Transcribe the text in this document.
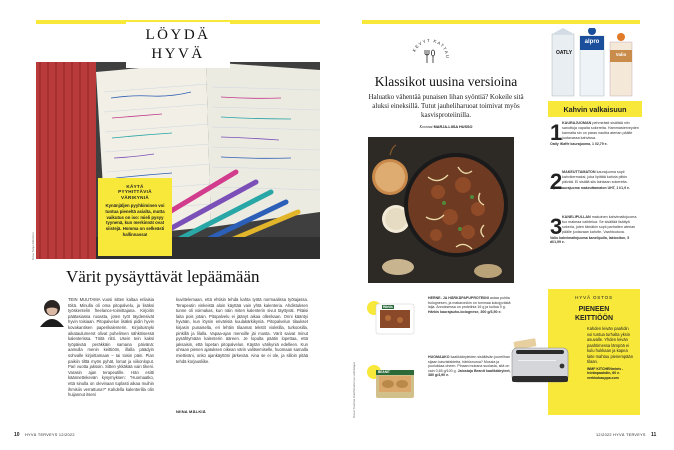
LÖYDÄ HYVÄ
KÄYTÄ PYYHITTÄVIÄ VÄRIKYNIÄ
Kynänjäljen pyyhkiminen voi tuntua pieneltä asialta, mutta vaikutus on iso: mieli pysyy tyynenä, kun merkinnät ovat siistejä. Homma on selkeästi hallinnassa!
Kuva Tanja Kähönen
Värit pysäyttävät lepäämään
TEIN MUUTAMA vuosi sitten kaltaa erilaisia töitä. Minulla oli oma pitopalvelu, ja lisäksi työskentelin freelance-toimittajana. Kirjoitin päätasiassa ruoasta, joten työt täydensivät hyvin toisiaan. Pitopalvelun lisäksi pidin hyvin kovakantisen paperikalenterin. Kirjoitusnyki aikataulumerot olivat puhelimen sähköisessä kalenterissa. Töitä riitti. Usein tein kaksi työpäivää peräkkäin samana päivänä: aamulla menin keittiöön, illalla päädyin sohvalle kirjoittamaan – tai toisin päin. Pian paikiin tilttä myös pyhät, lomat ja viikonloput. Pari vuotta jaksoin. Sitten ykkäkää vain tikeni. Varasin ajan terapeutille. Hän esitti käännettekevän kysymyksen: "Huomaatko, että sinulla on olevinaan tuplasti aikaa muihin ihmisiin verrattuna?" Kahdella kalenterilla olin huijannut itseni
kuvittelemaan, että ehtisin tehdä kahta työtä normaalissa työtajassa. Terapeutin vinkeistä aloin käyttää vain yhtä kalenteria. Ahdistuksen tunne oli voimakas, kun näin miten kalenterin sivut täyttyvät. Pitäisi laita pois jotain. Pitopalvelu ei jäänyt aikaa ollenkaan. Onni kääntyi hyvään, kun löysin erivärisiä kuulakärkikyniä. Pitopalvelun tilaukset kirjasin punaisella, eri lehtiin tilaamat tekstit violetilla, turkoosilla, pinkillä ja lilalla. Vapaa-ajan menoille jäi musta. Värit saivat minut pysähtymään kalenterin ääreen. Je lopulta päätin lopettaa, että jaksaisin, että lopetan pitopalvelun. Käytän värikyniä edelleen. Kun uhraan pienen ajatuksen oikean värin valitsemiselle, huomaan samalla miettiväni, onko ajankäyttöni järkevää. Aina se ei ole, ja silloin pitää tehdä korjausliike.
NIINA MÄLKIÄ
10 HYVÄ TERVEYS 12/2022
KEVYT KATTAU
Klassikot uusina versioina
Haluatko vähentää punaisen lihan syöntiä? Kokeile sitä aluksi eineksillä. Tutut jauheliharuoat toimivat myös kasvisproteiinilla.
Koonnut MARJA-LIISA HUSSO
Kuvat Tuomas Kolehmainen ja valmistajat
Härkis
BEANIT
HERNE- JA HÄRKÄPAPUPROTEIINI antaa puhtia bolognesen, ja makaronikin on tummaa kokojyvästä laija. Annoksessa on proteiinia 16 g ja kuitua 9 g. Härkis kaurajauho-bolognese, 300 g/3,50 e.
HUOMAAKO kaalikääryleiden sisältävän juurelihan sijaan kasvisfaktetta, härkisnurua? Mussia ja puolukkaa oheen. Pinaan mukana suolasta, sitä on vain 0,65 g/100 g. Jalostaja Beanit kaalikääryleet, 380 g/4,90 e.
OATLY
alpro
Valio
Kahvin valkaisuun
1 KAURAJUOMAN pehmeästi sisältää niin sanottuja vapaita sokereita. Hammasterveyden kannalta sin on paras nauttia aterian päälle juotavassa kahvissa.
Oatly iKaffe kaurajuoma, 1 l/2,79 e.
2 MAKEUTTAMATON kaurajuoma sopii kahvikermaksi, joka lipittää kahvia pitkin päivää. Ei sisällä siis lainkaan sokereita.
Alpro kaurajuoma makeuttamaton UHT, 1 l/1,9 e.
3 KANELIPULLAN makuinen kahvimaitojuoma tuo makeaa vaihtelua. Se sisältää lisättyä sokeria, joten tämäkin sopii parhaiten aterian päälle juotavaan kahviin. Vaahtoutuva.
Valio kahvimaitojuoma kanelipulla, laktositon, 5 dl/1,99 e.
HYVÄ OSTOS
PIENEEN KEITTIÖÖN
Kahden leivän paahdin voi tuntua turhalta yksin asuvalle. Yhden leivän paahtimessa lämpöä ei kulu hukkaan ja kapea laite mahtuu pienempään tilaan.
WMF KITCHENminis -leivänpaahdin, 60 e. verkkokauppa.com
12/2022 HYVÄ TERVEYS 11
